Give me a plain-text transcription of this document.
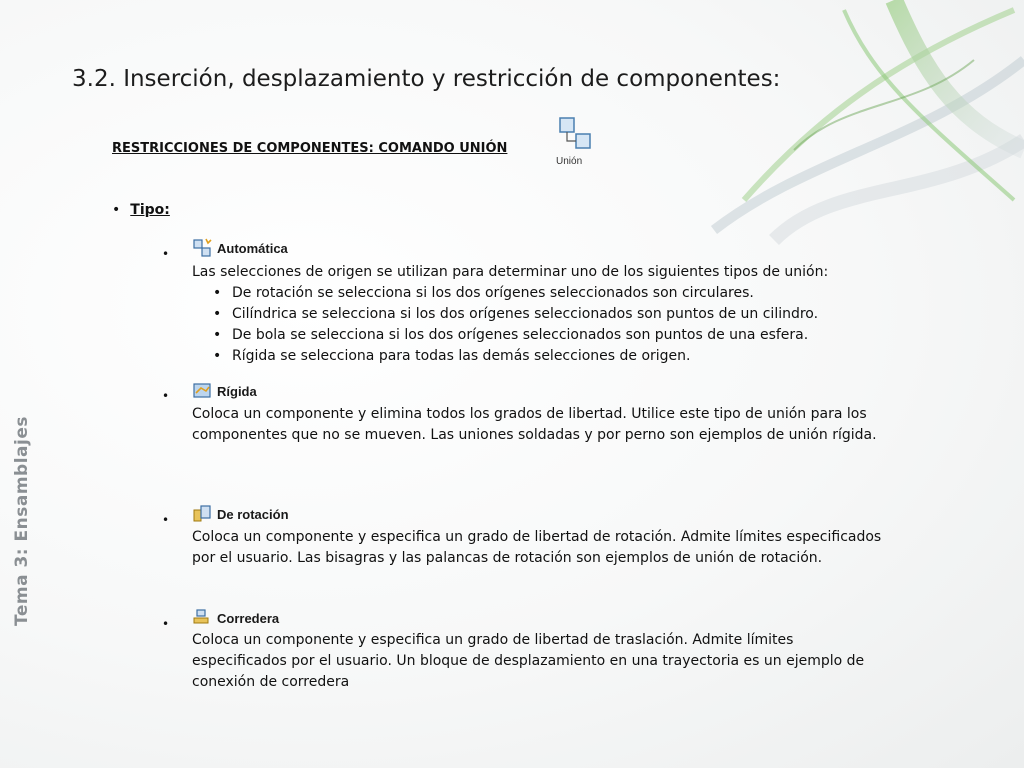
Tema 3: Ensamblajes
3.2. Inserción, desplazamiento y restricción de componentes:
RESTRICCIONES DE COMPONENTES: COMANDO UNIÓN
Unión
• Tipo:
•	Automática

Las selecciones de origen se utilizan para determinar uno de los siguientes tipos de unión:

• De rotación se selecciona si los dos orígenes seleccionados son circulares.
• Cilíndrica se selecciona si los dos orígenes seleccionados son puntos de un cilindro.
• De bola se selecciona si los dos orígenes seleccionados son puntos de una esfera.
• Rígida se selecciona para todas las demás selecciones de origen.
•	Rígida

Coloca un componente y elimina todos los grados de libertad. Utilice este tipo de unión para los componentes que no se mueven. Las uniones soldadas y por perno son ejemplos de unión rígida.

•	De rotación

Coloca un componente y especifica un grado de libertad de rotación. Admite límites especificados por el usuario. Las bisagras y las palancas de rotación son ejemplos de unión de rotación.

•	Corredera

Coloca un componente y especifica un grado de libertad de traslación. Admite límites especificados por el usuario. Un bloque de desplazamiento en una trayectoria es un ejemplo de conexión de corredera
